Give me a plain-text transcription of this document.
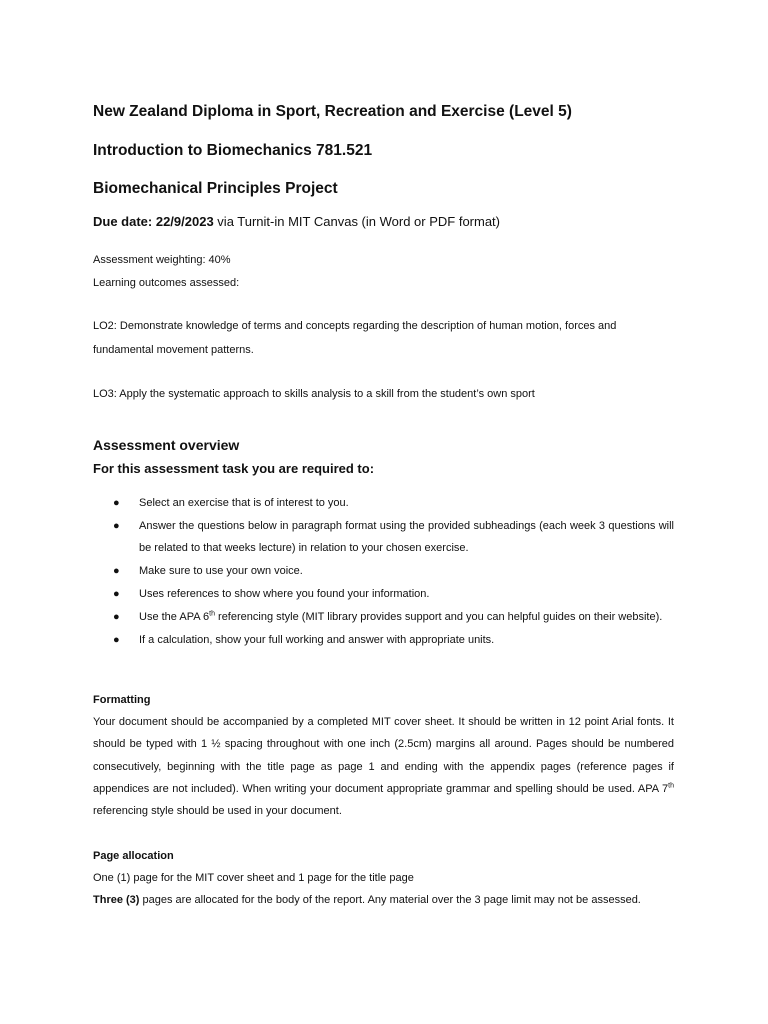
New Zealand Diploma in Sport, Recreation and Exercise (Level 5)
Introduction to Biomechanics 781.521
Biomechanical Principles Project
Due date: 22/9/2023 via Turnit-in MIT Canvas (in Word or PDF format)
Assessment weighting: 40%
Learning outcomes assessed:
LO2: Demonstrate knowledge of terms and concepts regarding the description of human motion, forces and
fundamental movement patterns.
LO3: Apply the systematic approach to skills analysis to a skill from the student’s own sport
Assessment overview
For this assessment task you are required to:
● Select an exercise that is of interest to you.
● Answer the questions below in paragraph format using the provided subheadings (each week 3 questions will be related to that weeks lecture) in relation to your chosen exercise.
● Make sure to use your own voice.
● Uses references to show where you found your information.
● Use the APA 6th referencing style (MIT library provides support and you can helpful guides on their website).
● If a calculation, show your full working and answer with appropriate units.
Formatting
Your document should be accompanied by a completed MIT cover sheet. It should be written in 12 point Arial fonts. It should be typed with 1 ½ spacing throughout with one inch (2.5cm) margins all around. Pages should be numbered consecutively, beginning with the title page as page 1 and ending with the appendix pages (reference pages if appendices are not included). When writing your document appropriate grammar and spelling should be used. APA 7th referencing style should be used in your document.
Page allocation
One (1) page for the MIT cover sheet and 1 page for the title page
Three (3) pages are allocated for the body of the report. Any material over the 3 page limit may not be assessed.
